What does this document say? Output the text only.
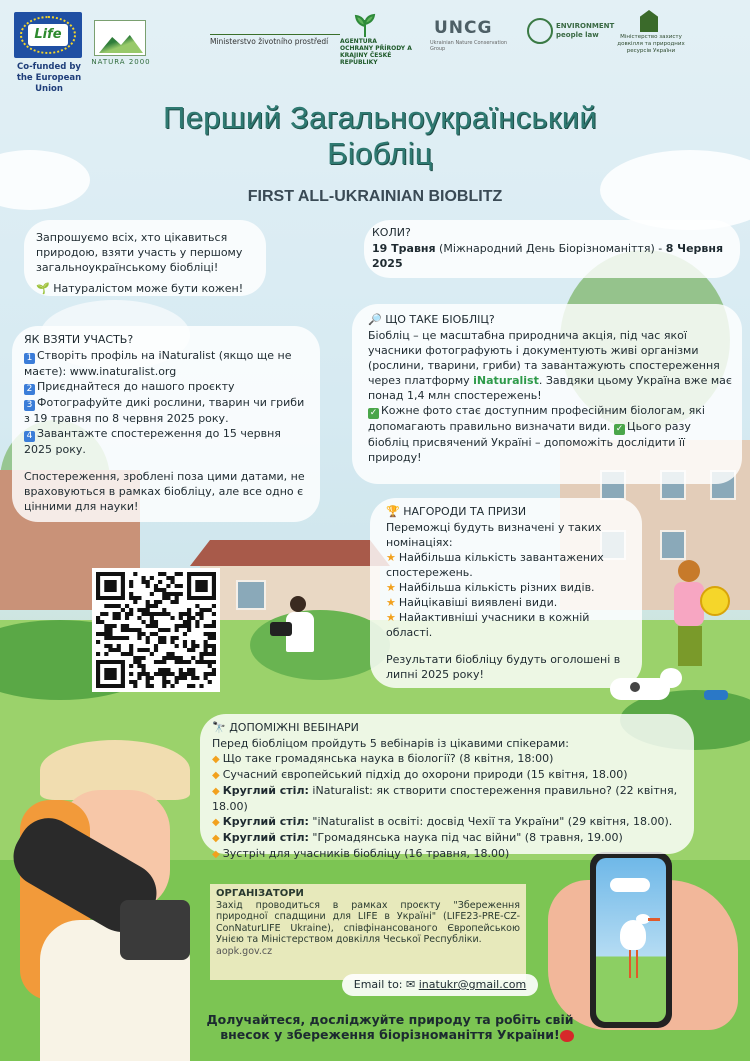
Life
Co-funded by the European Union
NATURA 2000
Ministerstvo životního prostředí	AGENTURA OCHRANY PŘÍRODY A KRAJINY ČESKÉ REPUBLIKY
UNCG
Ukrainian Nature Conservation Group
ENVIRONMENT people law	Міністерство захисту довкілля та природних ресурсів України
Перший Загальноукраїнський Біобліц
FIRST ALL-UKRAINIAN BIOBLITZ

Запрошуємо всіх, хто цікавиться природою, взяти участь у першому загальноукраїнському біобліці!

🌱 Натуралістом може бути кожен!

КОЛИ?

19 Травня (Міжнародний День Біорізноманіття) - 8 Червня 2025

ЯК ВЗЯТИ УЧАСТЬ?

1 Створіть профіль на iNaturalist (якщо ще не маєте): www.inaturalist.org

2 Приєднайтеся до нашого проєкту

3 Фотографуйте дикі рослини, тварин чи гриби з 19 травня по 8 червня 2025 року.

4 Завантажте спостереження до 15 червня 2025 року.

Спостереження, зроблені поза цими датами, не враховуються в рамках біобліцу, але все одно є цінними для науки!

🔎 ЩО ТАКЕ БІОБЛІЦ?

Біобліц – це масштабна природнича акція, під час якої учасники фотографують і документують живі організми (рослини, тварини, гриби) та завантажують спостереження через платформу iNaturalist. Завдяки цьому Україна вже має понад 1,4 млн спостережень!

✓ Кожне фото стає доступним професійним біологам, які допомагають правильно визначати види. ✓ Цього разу біобліц присвячений Україні – допоможіть дослідити її природу!

🏆 НАГОРОДИ ТА ПРИЗИ

Переможці будуть визначені у таких номінаціях:

★ Найбільша кількість завантажених спостережень.

★ Найбільша кількість різних видів.

★ Найцікавіші виявлені види.

★ Найактивніші учасники в кожній області.

Результати біобліцу будуть оголошені в липні 2025 року!

🔭 ДОПОМІЖНІ ВЕБІНАРИ

Перед біобліцом пройдуть 5 вебінарів із цікавими спікерами:

◆ Що таке громадянська наука в біології? (8 квітня, 18:00)

◆ Сучасний європейський підхід до охорони природи (15 квітня, 18.00)

◆ Круглий стіл: iNaturalist: як створити спостереження правильно? (22 квітня, 18.00)

◆ Круглий стіл: "iNaturalist в освіті: досвід Чехії та України" (29 квітня, 18.00).

◆ Круглий стіл: "Громадянська наука під час війни" (8 травня, 19.00)

◆ Зустріч для учасників біобліцу (16 травня, 18.00)

ОРГАНІЗАТОРИ

Захід проводиться в рамках проєкту "Збереження природної спадщини для LIFE в Україні" (LIFE23-PRE-CZ-ConNaturLIFE Ukraine), співфінансованого Європейською Унією та Міністерством довкілля Чеської Республіки.

aopk.gov.cz

Email to: ✉ inatukr@gmail.com
Долучайтеся, досліджуйте природу та робіть свій внесок у збереження біорізноманіття України!
